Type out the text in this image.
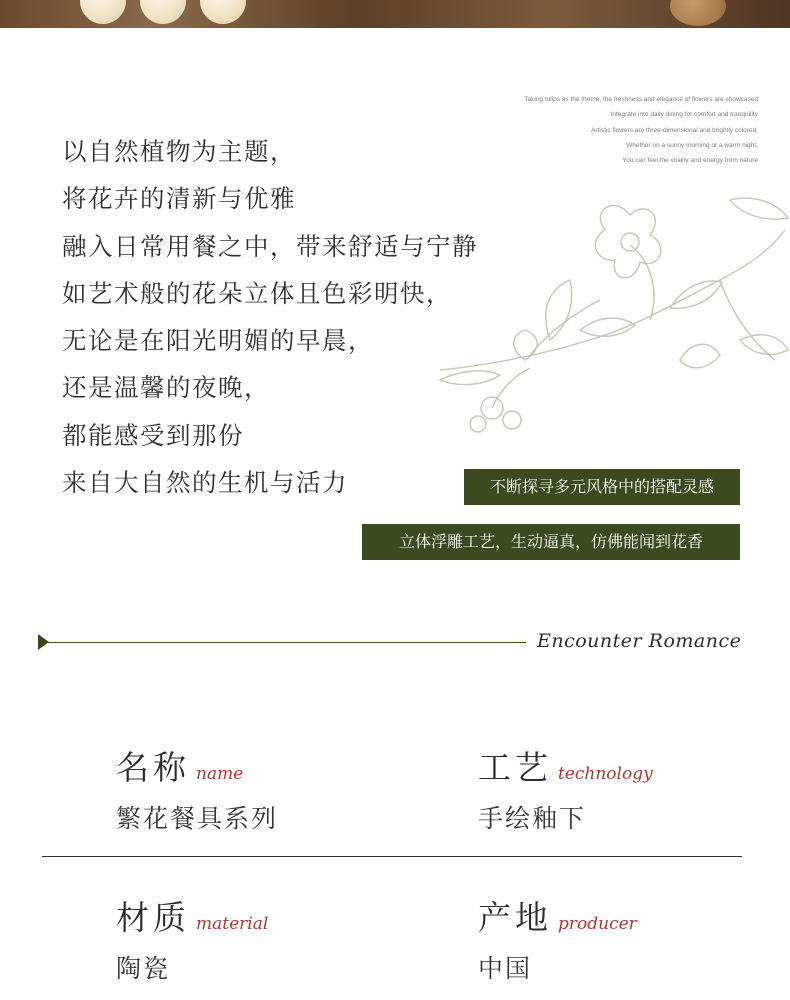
Taking tulips as the theme, the freshness and elegance of flowers are showcased
Integrate into daily dining for comfort and tranquility
Artistic flowers are three-dimensional and brightly colored,
Whether on a sunny morning or a warm night,
You can feel the vitality and energy from nature
以自然植物为主题，
将花卉的清新与优雅
融入日常用餐之中，带来舒适与宁静
如艺术般的花朵立体且色彩明快，
无论是在阳光明媚的早晨，
还是温馨的夜晚，
都能感受到那份
来自大自然的生机与活力	不断探寻多元风格中的搭配灵感
立体浮雕工艺，生动逼真，仿佛能闻到花香
Encounter Romance
名称 name
繁花餐具系列
工艺 technology
手绘釉下
材质 material
陶瓷
产地 producer
中国
